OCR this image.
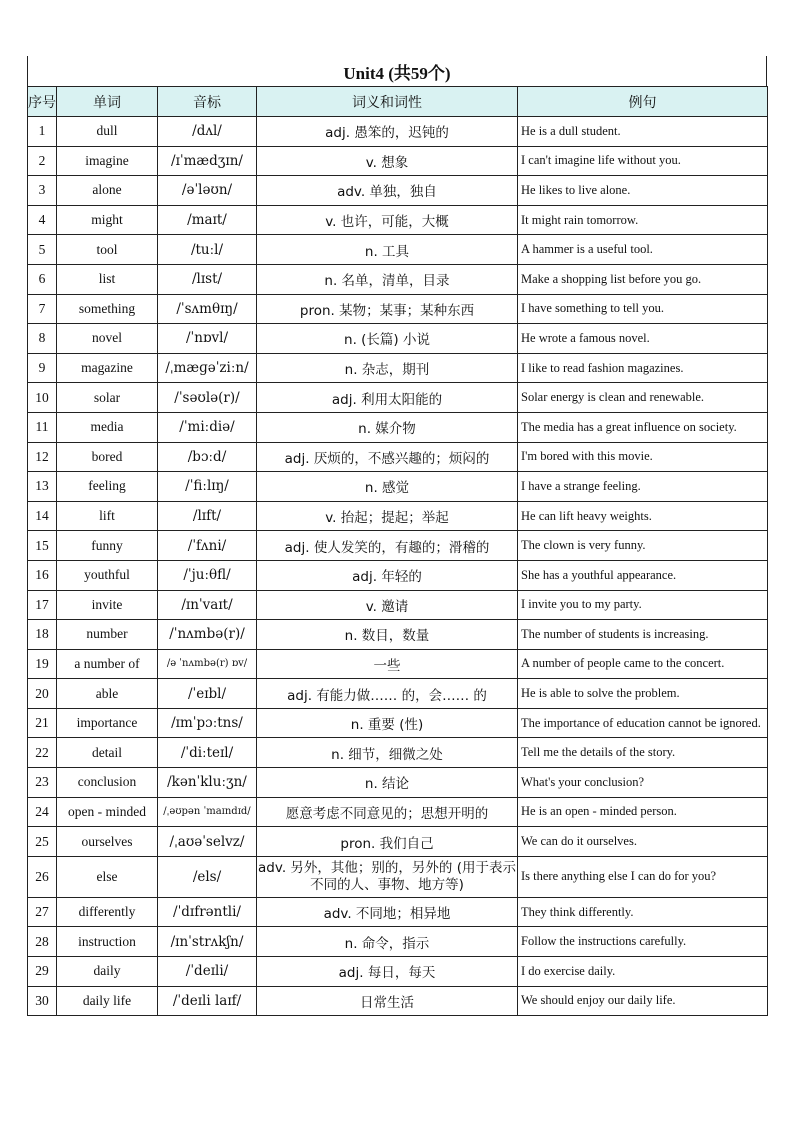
Unit4 (共59个)
序号	单词	音标	词义和词性	例句
1	dull	/dʌl/	adj. 愚笨的，迟钝的	He is a dull student.
2	imagine	/ɪˈmædʒɪn/	v. 想象	I can't imagine life without you.
3	alone	/əˈləʊn/	adv. 单独，独自	He likes to live alone.
4	might	/maɪt/	v. 也许，可能，大概	It might rain tomorrow.
5	tool	/tuːl/	n. 工具	A hammer is a useful tool.
6	list	/lɪst/	n. 名单，清单，目录	Make a shopping list before you go.
7	something	/ˈsʌmθɪŋ/	pron. 某物；某事；某种东西	I have something to tell you.
8	novel	/ˈnɒvl/	n. (长篇) 小说	He wrote a famous novel.
9	magazine	/ˌmæɡəˈziːn/	n. 杂志，期刊	I like to read fashion magazines.
10	solar	/ˈsəʊlə(r)/	adj. 利用太阳能的	Solar energy is clean and renewable.
11	media	/ˈmiːdiə/	n. 媒介物	The media has a great influence on society.
12	bored	/bɔːd/	adj. 厌烦的，不感兴趣的；烦闷的	I'm bored with this movie.
13	feeling	/ˈfiːlɪŋ/	n. 感觉	I have a strange feeling.
14	lift	/lɪft/	v. 抬起；提起；举起	He can lift heavy weights.
15	funny	/ˈfʌni/	adj. 使人发笑的，有趣的；滑稽的	The clown is very funny.
16	youthful	/ˈjuːθfl/	adj. 年轻的	She has a youthful appearance.
17	invite	/ɪnˈvaɪt/	v. 邀请	I invite you to my party.
18	number	/ˈnʌmbə(r)/	n. 数目，数量	The number of students is increasing.
19	a number of	/ə ˈnʌmbə(r) ɒv/	一些	A number of people came to the concert.
20	able	/ˈeɪbl/	adj. 有能力做…… 的，会…… 的	He is able to solve the problem.
21	importance	/ɪmˈpɔːtns/	n. 重要 (性)	The importance of education cannot be ignored.

22	detail	/ˈdiːteɪl/	n. 细节，细微之处	Tell me the details of the story.
23	conclusion	/kənˈkluːʒn/	n. 结论	What's your conclusion?
24	open - minded	/ˌəʊpən ˈmaɪndɪd/	愿意考虑不同意见的；思想开明的	He is an open - minded person.
25	ourselves	/ˌaʊəˈselvz/	pron. 我们自己	We can do it ourselves.
26	else	/els/	adv. 另外，其他；别的，另外的 (用于表示不同的人、事物、地方等)	Is there anything else I can do for you?
27	differently	/ˈdɪfrəntli/	adv. 不同地；相异地	They think differently.
28	instruction	/ɪnˈstrʌkʃn/	n. 命令，指示	Follow the instructions carefully.
29	daily	/ˈdeɪli/	adj. 每日，每天	I do exercise daily.
30	daily life	/ˈdeɪli laɪf/	日常生活	We should enjoy our daily life.
